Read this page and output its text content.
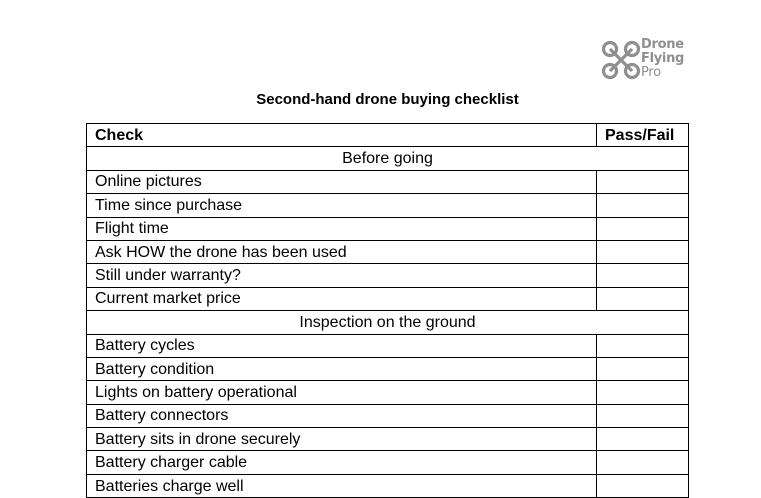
Drone
Flying
Pro
Second-hand drone buying checklist
Check	Pass/Fail
Before going	
Online pictures	
Time since purchase	
Flight time	
Ask HOW the drone has been used	
Still under warranty?	
Current market price	
Inspection on the ground	
Battery cycles	
Battery condition	
Lights on battery operational	
Battery connectors	
Battery sits in drone securely	
Battery charger cable	
Batteries charge well	
